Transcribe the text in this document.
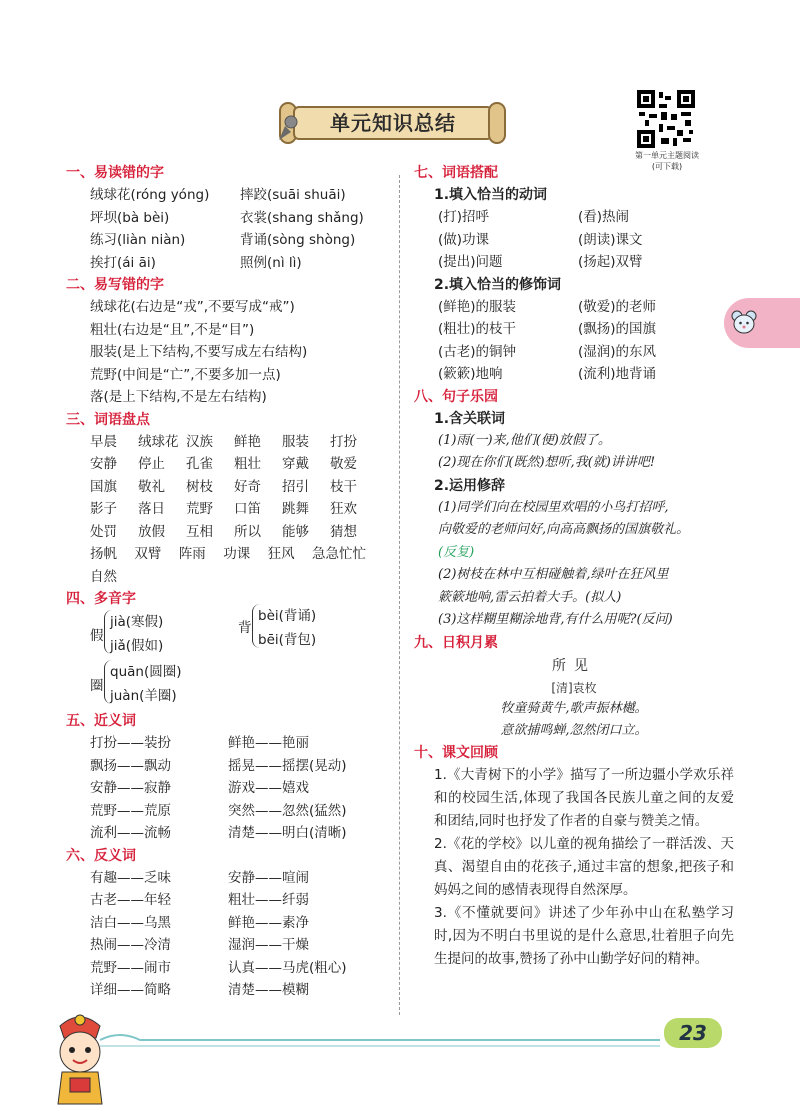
单元知识总结
第一单元主题阅读
(可下载)
一、易读错的字
绒球花(róng yóng)	摔跤(suāi shuāi)
坪坝(bà bèi)	衣裳(shang shǎng)
练习(liàn niàn)	背诵(sòng shòng)
挨打(ái āi)	照例(nì lì)
二、易写错的字
绒球花(右边是“戎”,不要写成“戒”)
粗壮(右边是“且”,不是“目”)
服装(是上下结构,不要写成左右结构)
荒野(中间是“亡”,不要多加一点)
落(是上下结构,不是左右结构)
三、词语盘点
早晨	绒球花 汉族	鲜艳	服装	打扮
安静	停止	孔雀	粗壮	穿戴	敬爱
国旗	敬礼	树枝	好奇	招引	枝干
影子	落日	荒野	口笛	跳舞	狂欢
处罚	放假	互相	所以	能够	猜想
扬帆	双臂	阵雨	功课	狂风	急急忙忙
自然
四、多音字
假
jià(寒假)
jiǎ(假如)
背
bèi(背诵)
bēi(背包)
圈
quān(圆圈)
juàn(羊圈)
五、近义词
打扮——装扮	鲜艳——艳丽
飘扬——飘动	摇晃——摇摆(晃动)
安静——寂静	游戏——嬉戏
荒野——荒原	突然——忽然(猛然)
流利——流畅	清楚——明白(清晰)
六、反义词
有趣——乏味	安静——喧闹
古老——年轻	粗壮——纤弱
洁白——乌黑	鲜艳——素净
热闹——冷清	湿润——干燥
荒野——闹市	认真——马虎(粗心)
详细——简略	清楚——模糊
七、词语搭配
1.填入恰当的动词
(打)招呼	(看)热闹
(做)功课	(朗读)课文
(提出)问题	(扬起)双臂
2.填入恰当的修饰词
(鲜艳)的服装	(敬爱)的老师
(粗壮)的枝干	(飘扬)的国旗
(古老)的铜钟	(湿润)的东风
(簌簌)地响	(流利)地背诵
八、句子乐园
1.含关联词
(1)雨(一)来,他们(便)放假了。
(2)现在你们(既然)想听,我(就)讲讲吧!
2.运用修辞
(1)同学们向在校园里欢唱的小鸟打招呼,
向敬爱的老师问好,向高高飘扬的国旗敬礼。
(反复)
(2)树枝在林中互相碰触着,绿叶在狂风里
簌簌地响,雷云拍着大手。(拟人)
(3)这样糊里糊涂地背,有什么用呢?(反问)
九、日积月累
所见
[清]袁枚
牧童骑黄牛,歌声振林樾。
意欲捕鸣蝉,忽然闭口立。
十、课文回顾
1.《大青树下的小学》描写了一所边疆小学欢乐祥和的校园生活,体现了我国各民族儿童之间的友爱和团结,同时也抒发了作者的自豪与赞美之情。
2.《花的学校》以儿童的视角描绘了一群活泼、天真、渴望自由的花孩子,通过丰富的想象,把孩子和妈妈之间的感情表现得自然深厚。
3.《不懂就要问》讲述了少年孙中山在私塾学习时,因为不明白书里说的是什么意思,壮着胆子向先生提问的故事,赞扬了孙中山勤学好问的精神。
23
